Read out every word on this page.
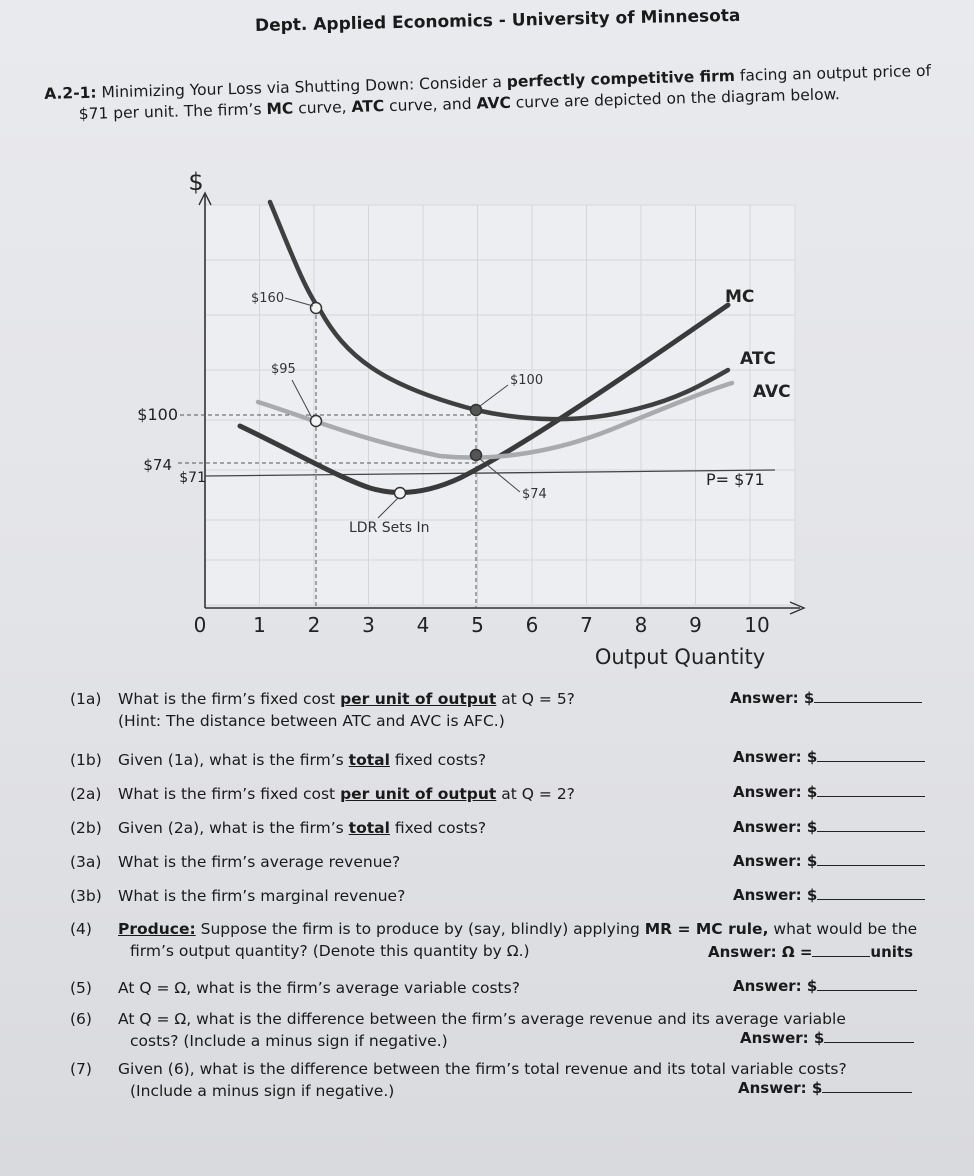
Dept. Applied Economics - University of Minnesota
A.2-1: Minimizing Your Loss via Shutting Down: Consider a perfectly competitive firm facing an output price of
$71 per unit. The firm’s MC curve, ATC curve, and AVC curve are depicted on the diagram below.
$
0 1 2 3 4 5 6 7 8 9 10
Output Quantity
$100
$74
$71	P= $71
MC
ATC
AVC
$160
$95
$100
$74
LDR Sets In
(1a) What is the firm’s fixed cost per unit of output at Q = 5?
(Hint: The distance between ATC and AVC is AFC.)
Answer: $
(1b) Given (1a), what is the firm’s total fixed costs?	Answer: $
(2a) What is the firm’s fixed cost per unit of output at Q = 2?	Answer: $
(2b) Given (2a), what is the firm’s total fixed costs?	Answer: $
(3a) What is the firm’s average revenue?	Answer: $
(3b) What is the firm’s marginal revenue?	Answer: $
(4) Produce: Suppose the firm is to produce by (say, blindly) applying MR = MC rule, what would be the
firm’s output quantity? (Denote this quantity by Ω.)	Answer: Ω =	units
(5) At Q = Ω, what is the firm’s average variable costs?	Answer: $
(6) At Q = Ω, what is the difference between the firm’s average revenue and its average variable
costs? (Include a minus sign if negative.)	Answer: $
(7) Given (6), what is the difference between the firm’s total revenue and its total variable costs?
(Include a minus sign if negative.)	Answer: $
